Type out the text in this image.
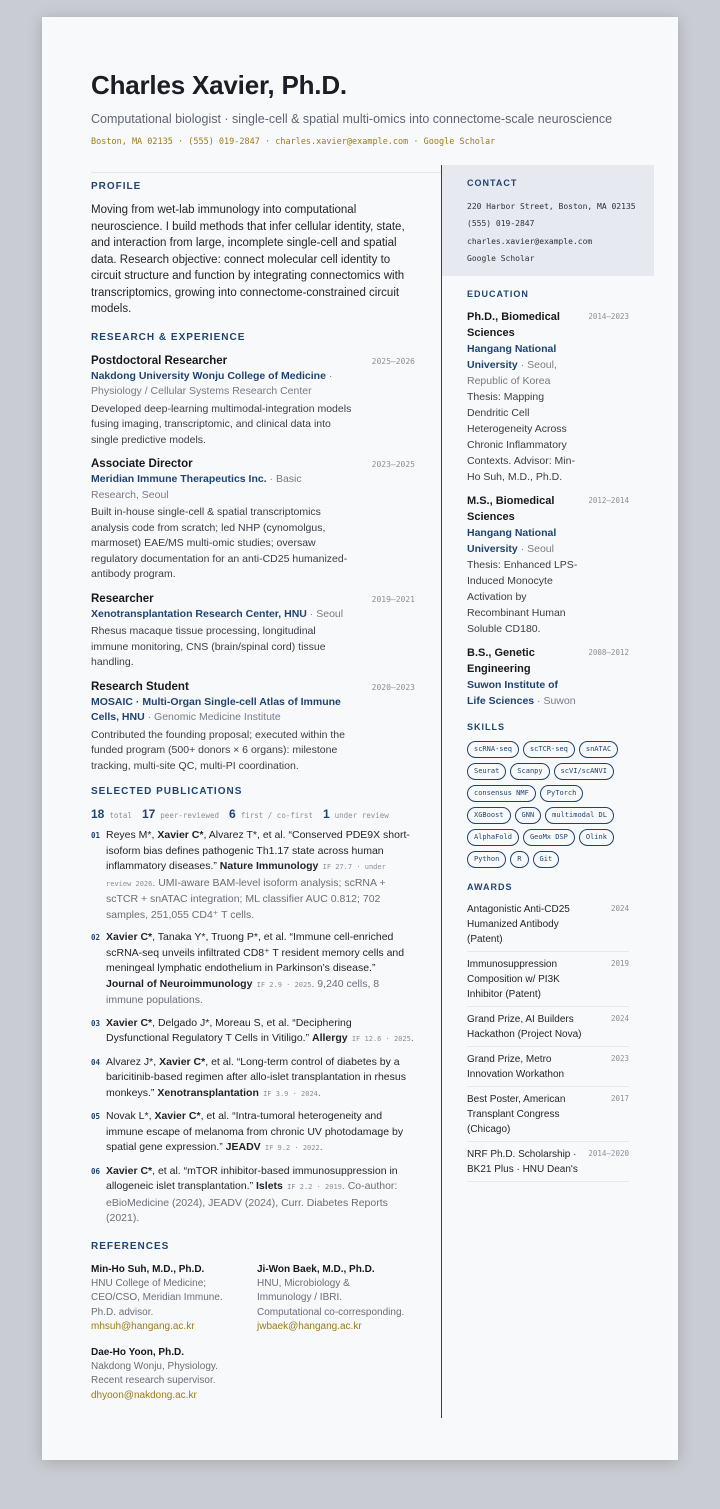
Charles Xavier, Ph.D.
Computational biologist · single-cell & spatial multi-omics into connectome-scale neuroscience
Boston, MA 02135 · (555) 019-2847 · charles.xavier@example.com · Google Scholar
PROFILE
Moving from wet-lab immunology into computational neuroscience. I build methods that infer cellular identity, state, and interaction from large, incomplete single-cell and spatial data. Research objective: connect molecular cell identity to circuit structure and function by integrating connectomics with transcriptomics, growing into connectome-constrained circuit models.
RESEARCH & EXPERIENCE
Postdoctoral Researcher	2025–2026
Nakdong University Wonju College of Medicine · Physiology / Cellular Systems Research Center
Developed deep-learning multimodal-integration models fusing imaging, transcriptomic, and clinical data into single predictive models.
Associate Director	2023–2025
Meridian Immune Therapeutics Inc. · Basic Research, Seoul
Built in-house single-cell & spatial transcriptomics analysis code from scratch; led NHP (cynomolgus, marmoset) EAE/MS multi-omic studies; oversaw regulatory documentation for an anti-CD25 humanized-antibody program.
Researcher	2019–2021
Xenotransplantation Research Center, HNU · Seoul
Rhesus macaque tissue processing, longitudinal immune monitoring, CNS (brain/spinal cord) tissue handling.
Research Student	2020–2023
MOSAIC · Multi-Organ Single-cell Atlas of Immune Cells, HNU · Genomic Medicine Institute
Contributed the founding proposal; executed within the funded program (500+ donors × 6 organs): milestone tracking, multi-site QC, multi-PI coordination.
SELECTED PUBLICATIONS
18 total 17 peer-reviewed 6 first / co-first 1 under review
01 Reyes M*, Xavier C*, Alvarez T*, et al. “Conserved PDE9X short-isoform bias defines pathogenic Th1.17 state across human inflammatory diseases.” Nature Immunology IF 27.7 · under review 2026. UMI-aware BAM-level isoform analysis; scRNA + scTCR + snATAC integration; ML classifier AUC 0.812; 702 samples, 251,055 CD4⁺ T cells.
02 Xavier C*, Tanaka Y*, Truong P*, et al. “Immune cell-enriched scRNA-seq unveils infiltrated CD8⁺ T resident memory cells and meningeal lymphatic endothelium in Parkinson’s disease.” Journal of Neuroimmunology IF 2.9 · 2025. 9,240 cells, 8 immune populations.
03 Xavier C*, Delgado J*, Moreau S, et al. “Deciphering Dysfunctional Regulatory T Cells in Vitiligo.” Allergy IF 12.6 · 2025.
04 Alvarez J*, Xavier C*, et al. “Long-term control of diabetes by a baricitinib-based regimen after allo-islet transplantation in rhesus monkeys.” Xenotransplantation IF 3.9 · 2024.
05 Novak L*, Xavier C*, et al. “Intra-tumoral heterogeneity and immune escape of melanoma from chronic UV photodamage by spatial gene expression.” JEADV IF 9.2 · 2022.
06 Xavier C*, et al. “mTOR inhibitor-based immunosuppression in allogeneic islet transplantation.” Islets IF 2.2 · 2019. Co-author: eBioMedicine (2024), JEADV (2024), Curr. Diabetes Reports (2021).
REFERENCES
Min-Ho Suh, M.D., Ph.D.
HNU College of Medicine; CEO/CSO, Meridian Immune. Ph.D. advisor.
mhsuh@hangang.ac.kr
Ji-Won Baek, M.D., Ph.D.
HNU, Microbiology & Immunology / IBRI. Computational co-corresponding.
jwbaek@hangang.ac.kr
Dae-Ho Yoon, Ph.D.
Nakdong Wonju, Physiology. Recent research supervisor.
dhyoon@nakdong.ac.kr
CONTACT
220 Harbor Street, Boston, MA 02135
(555) 019-2847
charles.xavier@example.com
Google Scholar
EDUCATION
Ph.D., Biomedical Sciences
Hangang National University · Seoul, Republic of Korea
Thesis: Mapping Dendritic Cell Heterogeneity Across Chronic Inflammatory Contexts. Advisor: Min-Ho Suh, M.D., Ph.D.
2014–2023
M.S., Biomedical Sciences
Hangang National University · Seoul
Thesis: Enhanced LPS-Induced Monocyte Activation by Recombinant Human Soluble CD180.
2012–2014
B.S., Genetic Engineering
Suwon Institute of Life Sciences · Suwon
2008–2012
SKILLS
scRNA-seq	scTCR-seq	snATAC
Seurat	Scanpy	scVI/scANVI
consensus NMF	PyTorch
XGBoost	GNN	multimodal DL
AlphaFold	GeoMx DSP	Olink
Python	R	Git
AWARDS
Antagonistic Anti-CD25 Humanized Antibody (Patent)
2024
Immunosuppression Composition w/ PI3K Inhibitor (Patent)
2019
Grand Prize, AI Builders Hackathon (Project Nova)
2024
Grand Prize, Metro Innovation Workathon
2023
Best Poster, American Transplant Congress (Chicago)
2017
NRF Ph.D. Scholarship · BK21 Plus · HNU Dean's
2014–2020
